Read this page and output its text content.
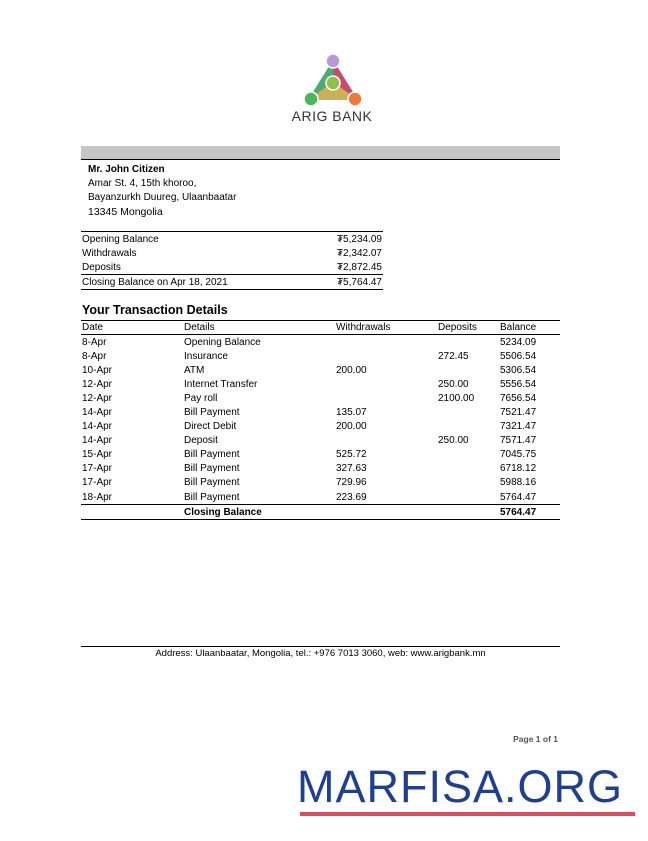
ARIG BANK
Mr. John Citizen
Amar St. 4, 15th khoroo,
Bayanzurkh Duureg, Ulaanbaatar
13345 Mongolia
Opening Balance	₮5,234.09
Withdrawals	₮2,342.07
Deposits	₮2,872.45
Closing Balance on Apr 18, 2021	₮5,764.47
Your Transaction Details
Date	Details	Withdrawals	Deposits	Balance
8-Apr	Opening Balance			5234.09
8-Apr	Insurance		272.45	5506.54
10-Apr	ATM	200.00		5306.54
12-Apr	Internet Transfer		250.00	5556.54
12-Apr	Pay roll		2100.00	7656.54
14-Apr	Bill Payment	135.07		7521.47
14-Apr	Direct Debit	200.00		7321.47
14-Apr	Deposit		250.00	7571.47
15-Apr	Bill Payment	525.72		7045.75
17-Apr	Bill Payment	327.63		6718.12
17-Apr	Bill Payment	729.96		5988.16
18-Apr	Bill Payment	223.69		5764.47
	Closing Balance			5764.47
Address: Ulaanbaatar, Mongolia, tel.: +976 7013 3060, web: www.arigbank.mn
Page 1 of 1
MARFISA.ORG
